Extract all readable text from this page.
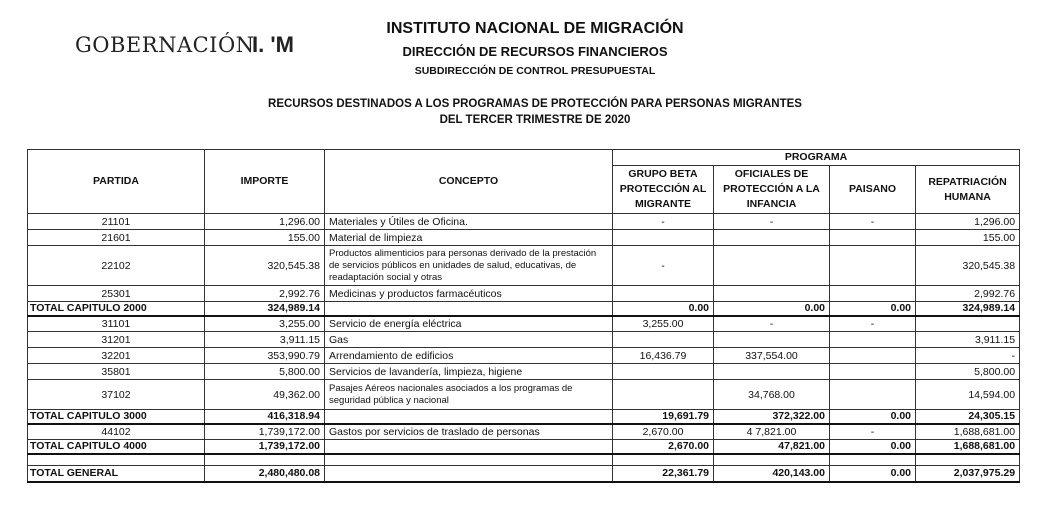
GOBERNACIÓN
I. 'M
INSTITUTO NACIONAL DE MIGRACIÓN
DIRECCIÓN DE RECURSOS FINANCIEROS
SUBDIRECCIÓN DE CONTROL PRESUPUESTAL
RECURSOS DESTINADOS A LOS PROGRAMAS DE PROTECCIÓN PARA PERSONAS MIGRANTES
DEL TERCER TRIMESTRE DE 2020
PARTIDA	IMPORTE	CONCEPTO	PROGRAMA			
			GRUPO BETA PROTECCIÓN AL MIGRANTE	OFICIALES DE PROTECCIÓN A LA INFANCIA	PAISANO	REPATRIACIÓN HUMANA
21101	1,296.00	Materiales y Útiles de Oficina.	-	-	-	1,296.00
21601	155.00	Material de limpieza				155.00
22102	320,545.38	Productos alimenticios para personas derivado de la prestación de servicios públicos en unidades de salud, educativas, de readaptación social y otras	-			320,545.38
25301	2,992.76	Medicinas y productos farmacéuticos				2,992.76
TOTAL CAPITULO 2000	324,989.14		0.00	0.00	0.00	324,989.14
31101	3,255.00	Servicio de energía eléctrica	3,255.00	-	-	
31201	3,911.15	Gas				3,911.15
32201	353,990.79	Arrendamiento de edificios	16,436.79	337,554.00		-
35801	5,800.00	Servicios de lavandería, limpieza, higiene				5,800.00
37102	49,362.00	Pasajes Aéreos nacionales asociados a los programas de seguridad pública y nacional		34,768.00		14,594.00
TOTAL CAPITULO 3000	416,318.94		19,691.79	372,322.00	0.00	24,305.15
44102	1,739,172.00	Gastos por servicios de traslado de personas	2,670.00	4 7,821.00	-	1,688,681.00
TOTAL CAPITULO 4000	1,739,172.00		2,670.00	47,821.00	0.00	1,688,681.00

TOTAL GENERAL	2,480,480.08		22,361.79	420,143.00	0.00	2,037,975.29
